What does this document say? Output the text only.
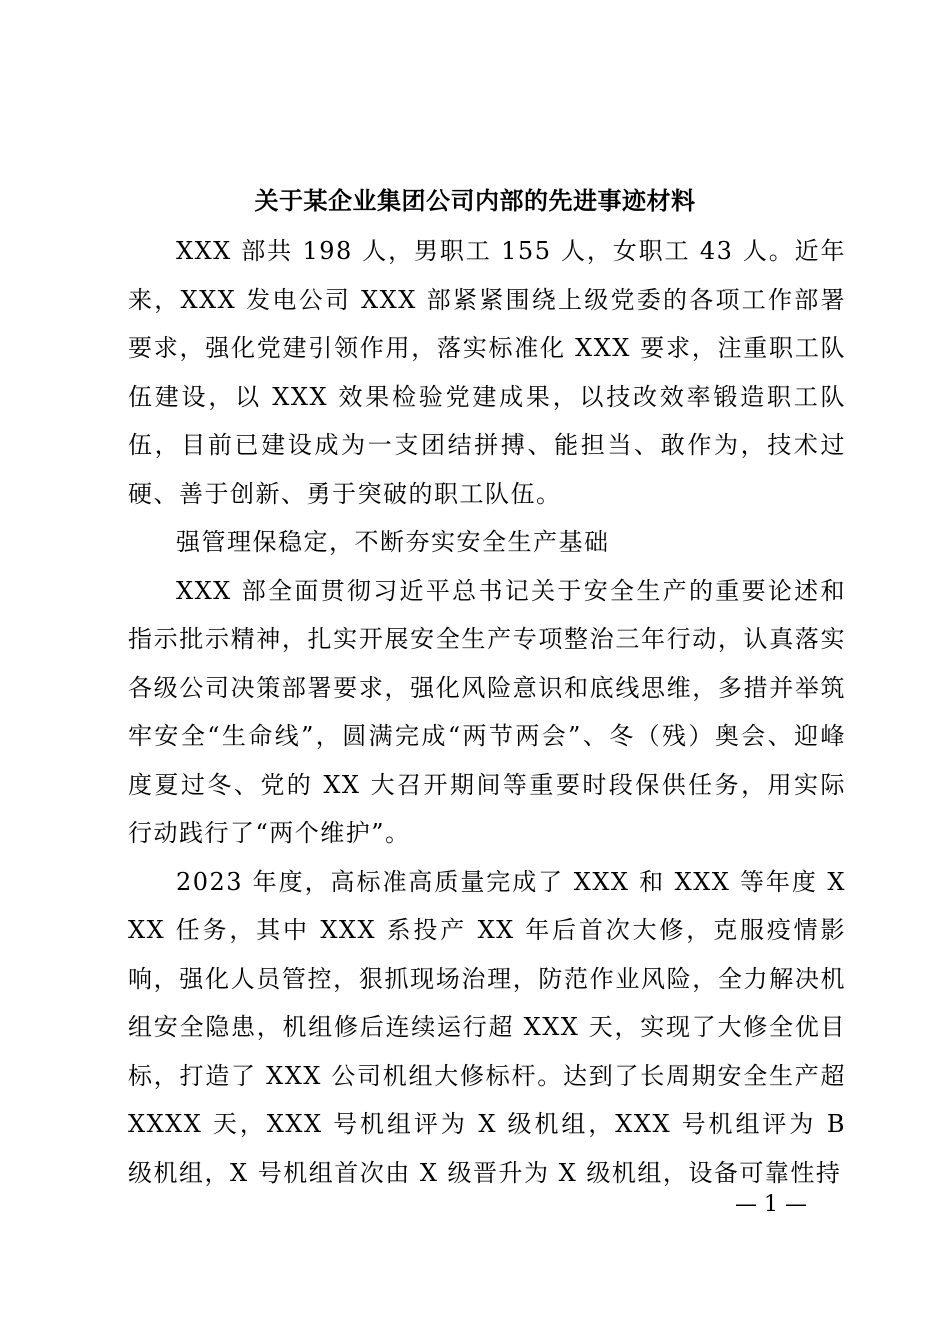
关于某企业集团公司内部的先进事迹材料

XXX 部共 198 人，男职工 155 人，女职工 43 人。近年来，XXX 发电公司 XXX 部紧紧围绕上级党委的各项工作部署要求，强化党建引领作用，落实标准化 XXX 要求，注重职工队伍建设，以 XXX 效果检验党建成果，以技改效率锻造职工队伍，目前已建设成为一支团结拼搏、能担当、敢作为，技术过硬、善于创新、勇于突破的职工队伍。

强管理保稳定，不断夯实安全生产基础

XXX 部全面贯彻习近平总书记关于安全生产的重要论述和指示批示精神，扎实开展安全生产专项整治三年行动，认真落实各级公司决策部署要求，强化风险意识和底线思维，多措并举筑牢安全“生命线”，圆满完成“两节两会”、冬（残）奥会、迎峰度夏过冬、党的 XX 大召开期间等重要时段保供任务，用实际行动践行了“两个维护”。

2023 年度，高标准高质量完成了 XXX 和 XXX 等年度 XXX 任务，其中 XXX 系投产 XX 年后首次大修，克服疫情影响，强化人员管控，狠抓现场治理，防范作业风险，全力解决机组安全隐患，机组修后连续运行超 XXX 天，实现了大修全优目标，打造了 XXX 公司机组大修标杆。达到了长周期安全生产超 XXXX 天，XXX 号机组评为 X 级机组，XXX 号机组评为 B 级机组，X 号机组首次由 X 级晋升为 X 级机组，设备可靠性持

— 1 —
